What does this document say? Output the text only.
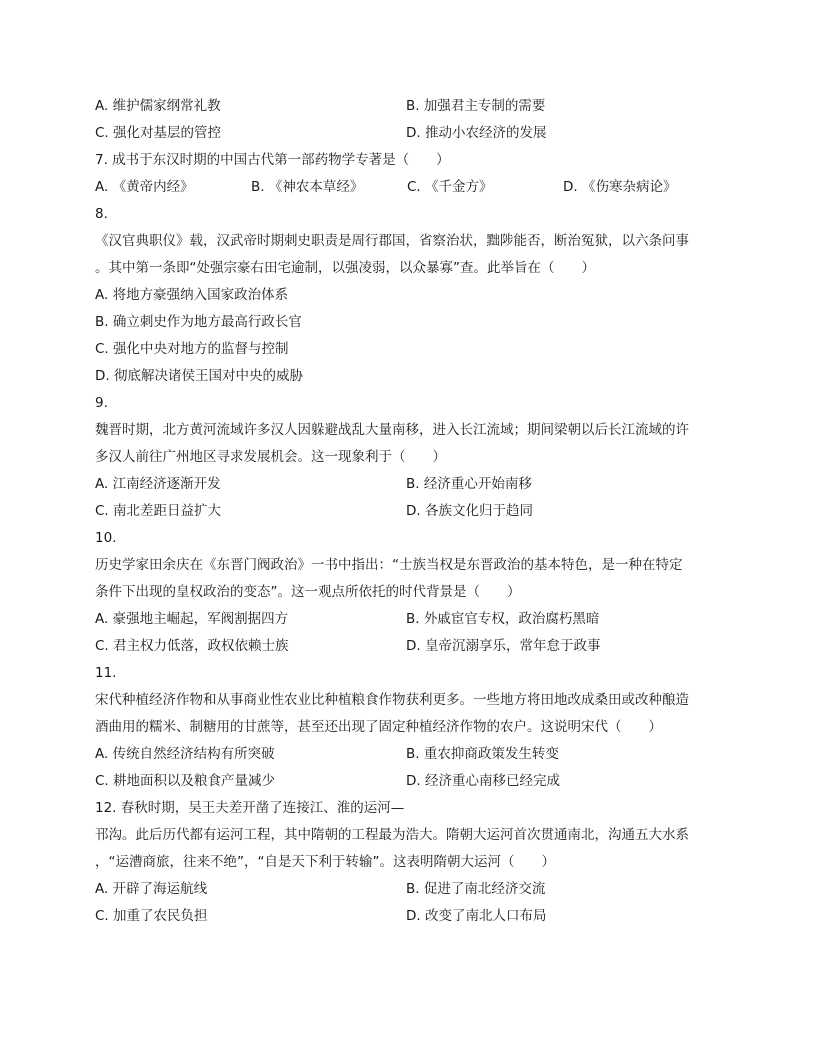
A. 维护儒家纲常礼教	B. 加强君主专制的需要
C. 强化对基层的管控	D. 推动小农经济的发展
7. 成书于东汉时期的中国古代第一部药物学专著是（　　）
A. 《黄帝内经》	B. 《神农本草经》	C. 《千金方》	D. 《伤寒杂病论》
8.
《汉官典职仪》载，汉武帝时期刺史职责是周行郡国，省察治状，黜陟能否，断治冤狱，以六条问事
。其中第一条即“处强宗豪右田宅逾制，以强凌弱，以众暴寡”查。此举旨在（　　）
A. 将地方豪强纳入国家政治体系
B. 确立刺史作为地方最高行政长官
C. 强化中央对地方的监督与控制
D. 彻底解决诸侯王国对中央的威胁
9.
魏晋时期，北方黄河流域许多汉人因躲避战乱大量南移，进入长江流域；期间梁朝以后长江流域的许
多汉人前往广州地区寻求发展机会。这一现象利于（　　）
A. 江南经济逐渐开发	B. 经济重心开始南移
C. 南北差距日益扩大	D. 各族文化归于趋同
10.
历史学家田余庆在《东晋门阀政治》一书中指出：“士族当权是东晋政治的基本特色，是一种在特定
条件下出现的皇权政治的变态”。这一观点所依托的时代背景是（　　）
A. 豪强地主崛起，军阀割据四方	B. 外戚宦官专权，政治腐朽黑暗
C. 君主权力低落，政权依赖士族	D. 皇帝沉溺享乐，常年怠于政事
11.
宋代种植经济作物和从事商业性农业比种植粮食作物获利更多。一些地方将田地改成桑田或改种酿造
酒曲用的糯米、制糖用的甘蔗等，甚至还出现了固定种植经济作物的农户。这说明宋代（　　）
A. 传统自然经济结构有所突破	B. 重农抑商政策发生转变
C. 耕地面积以及粮食产量减少	D. 经济重心南移已经完成
12. 春秋时期，吴王夫差开凿了连接江、淮的运河—
邗沟。此后历代都有运河工程，其中隋朝的工程最为浩大。隋朝大运河首次贯通南北，沟通五大水系
，“运漕商旅，往来不绝”，“自是天下利于转输”。这表明隋朝大运河（　　）
A. 开辟了海运航线	B. 促进了南北经济交流
C. 加重了农民负担	D. 改变了南北人口布局
